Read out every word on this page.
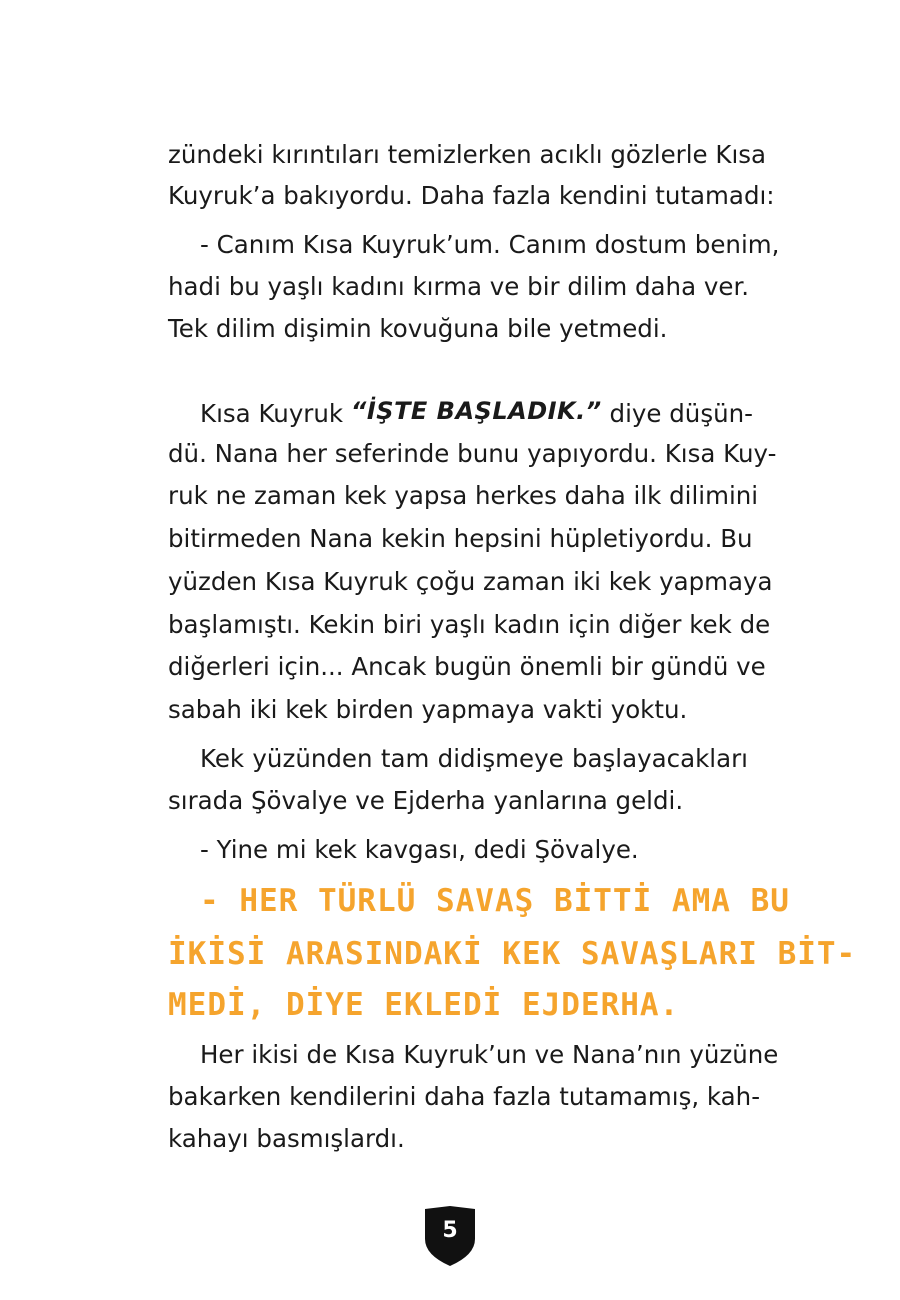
zündeki kırıntıları temizlerken acıklı gözlerle Kısa
Kuyruk’a bakıyordu. Daha fazla kendini tutamadı:
- Canım Kısa Kuyruk’um. Canım dostum benim,
hadi bu yaşlı kadını kırma ve bir dilim daha ver.
Tek dilim dişimin kovuğuna bile yetmedi.
Kısa Kuyruk “İŞTE BAŞLADIK.” diye düşün-
dü. Nana her seferinde bunu yapıyordu. Kısa Kuy-
ruk ne zaman kek yapsa herkes daha ilk dilimini
bitirmeden Nana kekin hepsini hüpletiyordu. Bu
yüzden Kısa Kuyruk çoğu zaman iki kek yapmaya
başlamıştı. Kekin biri yaşlı kadın için diğer kek de
diğerleri için... Ancak bugün önemli bir gündü ve
sabah iki kek birden yapmaya vakti yoktu.
Kek yüzünden tam didişmeye başlayacakları
sırada Şövalye ve Ejderha yanlarına geldi.
- Yine mi kek kavgası, dedi Şövalye.
- HER TÜRLÜ SAVAŞ BİTTİ AMA BU
İKİSİ ARASINDAKİ KEK SAVAŞLARI BİT-
MEDİ, DİYE EKLEDİ EJDERHA.
Her ikisi de Kısa Kuyruk’un ve Nana’nın yüzüne
bakarken kendilerini daha fazla tutamamış, kah-
kahayı basmışlardı.
5
